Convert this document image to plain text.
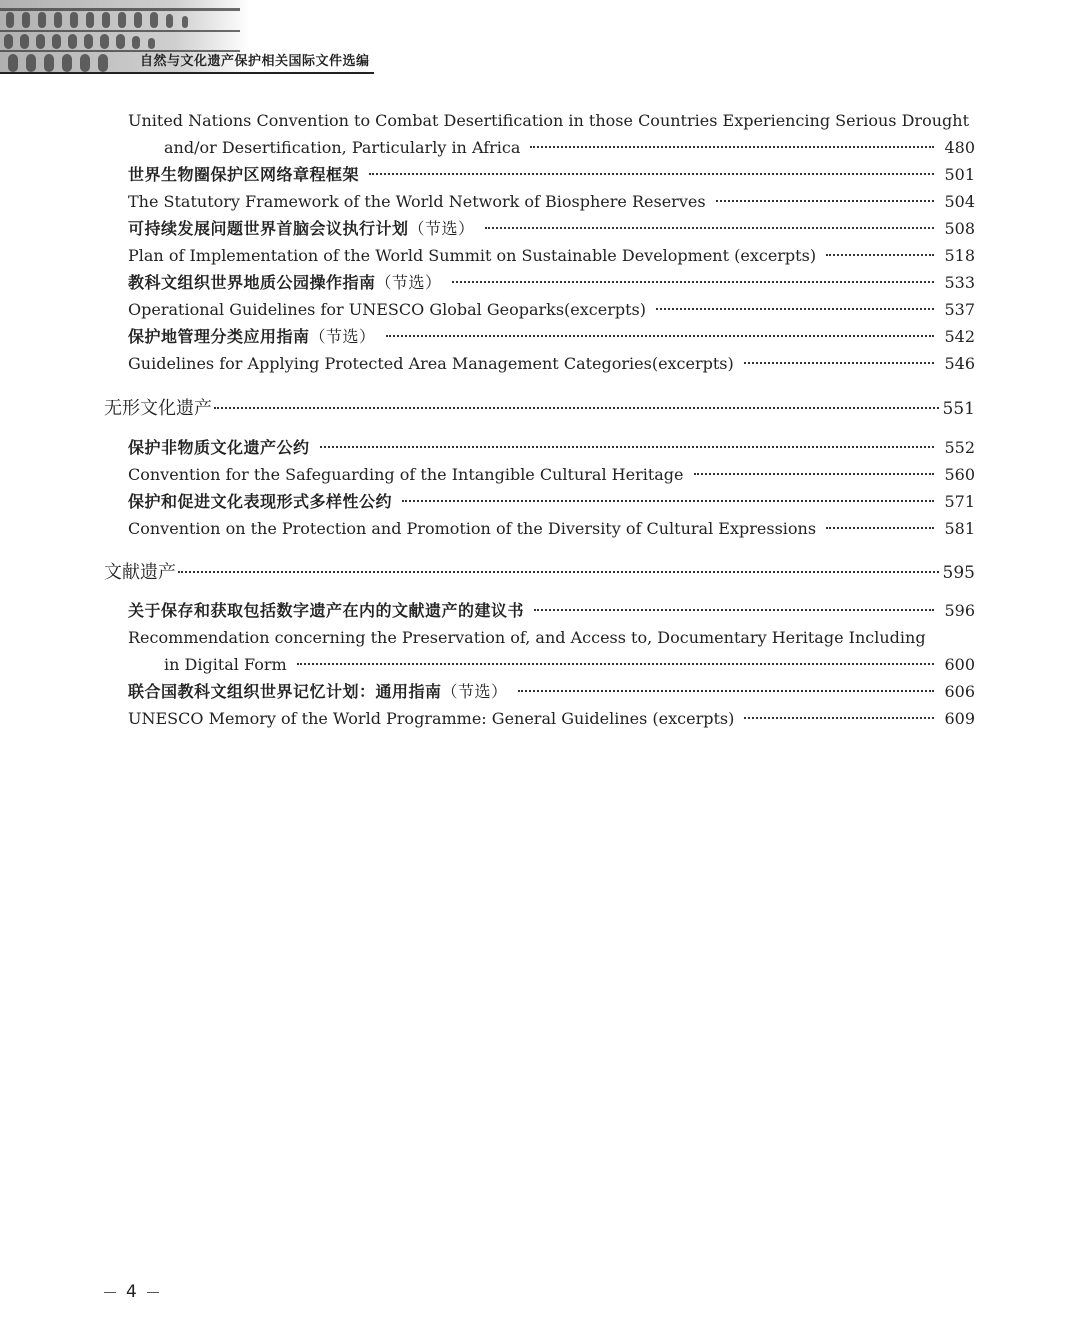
自然与文化遗产保护相关国际文件选编
United Nations Convention to Combat Desertification in those Countries Experiencing Serious Drought
and/or Desertification, Particularly in Africa	480
世界生物圈保护区网络章程框架	501
The Statutory Framework of the World Network of Biosphere Reserves	504
可持续发展问题世界首脑会议执行计划（节选）	508
Plan of Implementation of the World Summit on Sustainable Development (excerpts)	518
教科文组织世界地质公园操作指南（节选）	533
Operational Guidelines for UNESCO Global Geoparks(excerpts)	537
保护地管理分类应用指南（节选）	542
Guidelines for Applying Protected Area Management Categories(excerpts)	546
无形文化遗产	551
保护非物质文化遗产公约	552
Convention for the Safeguarding of the Intangible Cultural Heritage	560
保护和促进文化表现形式多样性公约	571
Convention on the Protection and Promotion of the Diversity of Cultural Expressions	581
文献遗产	595
关于保存和获取包括数字遗产在内的文献遗产的建议书	596
Recommendation concerning the Preservation of, and Access to, Documentary Heritage Including
in Digital Form	600
联合国教科文组织世界记忆计划：通用指南（节选）	606
UNESCO Memory of the World Programme: General Guidelines (excerpts)	609
4
